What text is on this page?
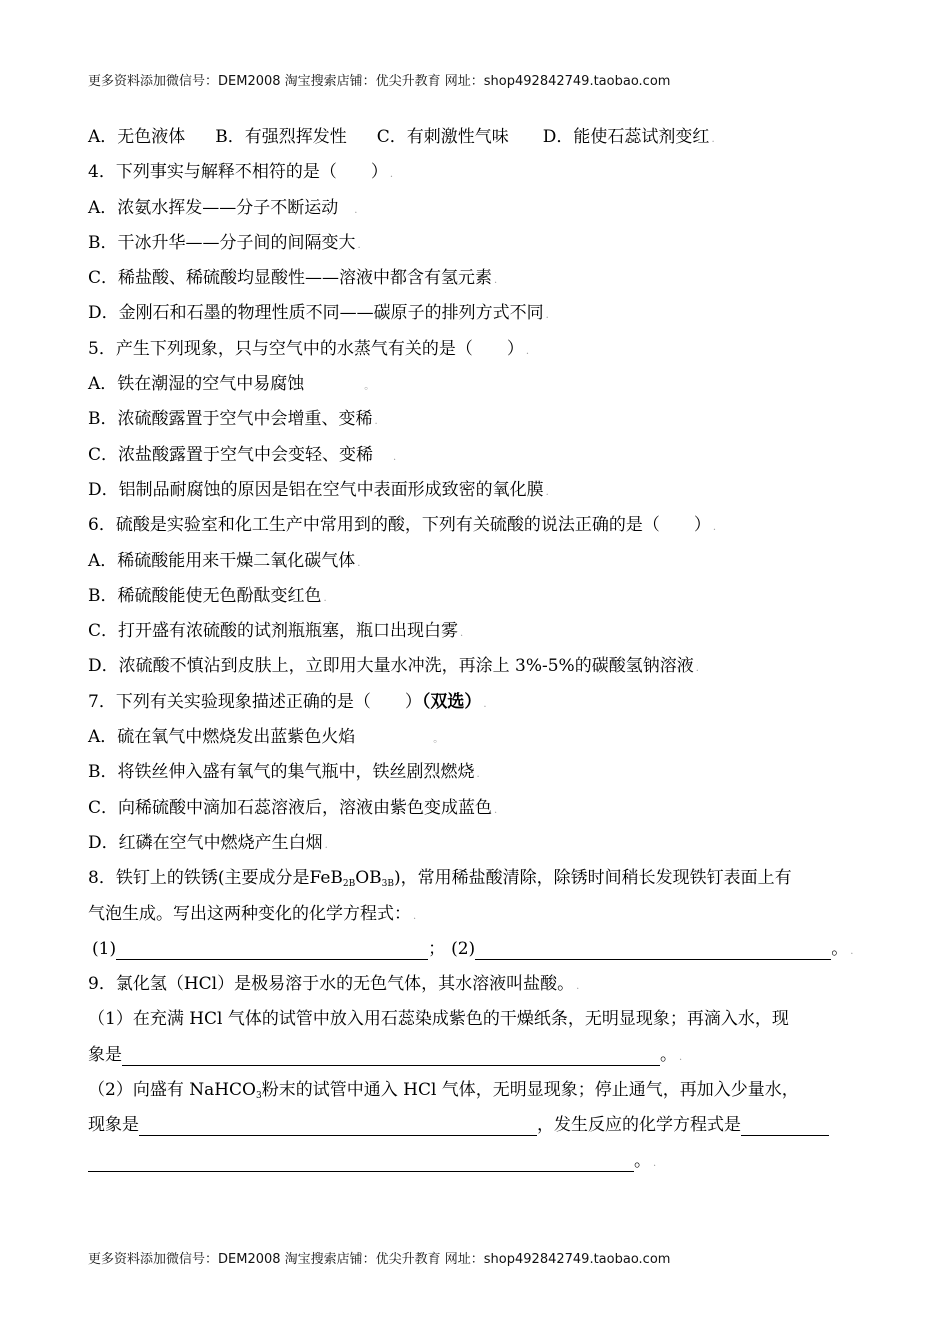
更多资料添加微信号：DEM2008 淘宝搜索店铺：优尖升教育 网址：shop492842749.taobao.com
A．无色液体 B．有强烈挥发性 C．有刺激性气味 D．能使石蕊试剂变红 .
4．下列事实与解释不相符的是（　　） .
A．浓氨水挥发——分子不断运动 .
B．干冰升华——分子间的间隔变大 .
C．稀盐酸、稀硫酸均显酸性——溶液中都含有氢元素 .
D．金刚石和石墨的物理性质不同——碳原子的排列方式不同 .
5．产生下列现象，只与空气中的水蒸气有关的是（　　） .
A．铁在潮湿的空气中易腐蚀	。
B．浓硫酸露置于空气中会增重、变稀 .
C．浓盐酸露置于空气中会变轻、变稀 .
D．铝制品耐腐蚀的原因是铝在空气中表面形成致密的氧化膜 .
6．硫酸是实验室和化工生产中常用到的酸，下列有关硫酸的说法正确的是（　　） .
A．稀硫酸能用来干燥二氧化碳气体 .
B．稀硫酸能使无色酚酞变红色 .
C．打开盛有浓硫酸的试剂瓶瓶塞，瓶口出现白雾 .
D．浓硫酸不慎沾到皮肤上，立即用大量水冲洗，再涂上 3%-5%的碳酸氢钠溶液 .
7．下列有关实验现象描述正确的是（　　）（双选） .
A．硫在氧气中燃烧发出蓝紫色火焰	。
B．将铁丝伸入盛有氧气的集气瓶中，铁丝剧烈燃烧 .
C．向稀硫酸中滴加石蕊溶液后，溶液由紫色变成蓝色 .
D．红磷在空气中燃烧产生白烟 .
8．铁钉上的铁锈(主要成分是$FeB_{2B}OB_{3B}$)，常用稀盐酸清除，除锈时间稍长发现铁钉表面上有
气泡生成。写出这两种变化的化学方程式： .
(1)	； (2)	。 .
9．氯化氢（HCl）是极易溶于水的无色气体，其水溶液叫盐酸。 .
（1）在充满 HCl 气体的试管中放入用石蕊染成紫色的干燥纸条，无明显现象；再滴入水，现
象是	。 .
（2）向盛有 NaHCO$_3$粉末的试管中通入 HCl 气体，无明显现象；停止通气，再加入少量水，
现象是	，发生反应的化学方程式是
。 .
更多资料添加微信号：DEM2008 淘宝搜索店铺：优尖升教育 网址：shop492842749.taobao.com
